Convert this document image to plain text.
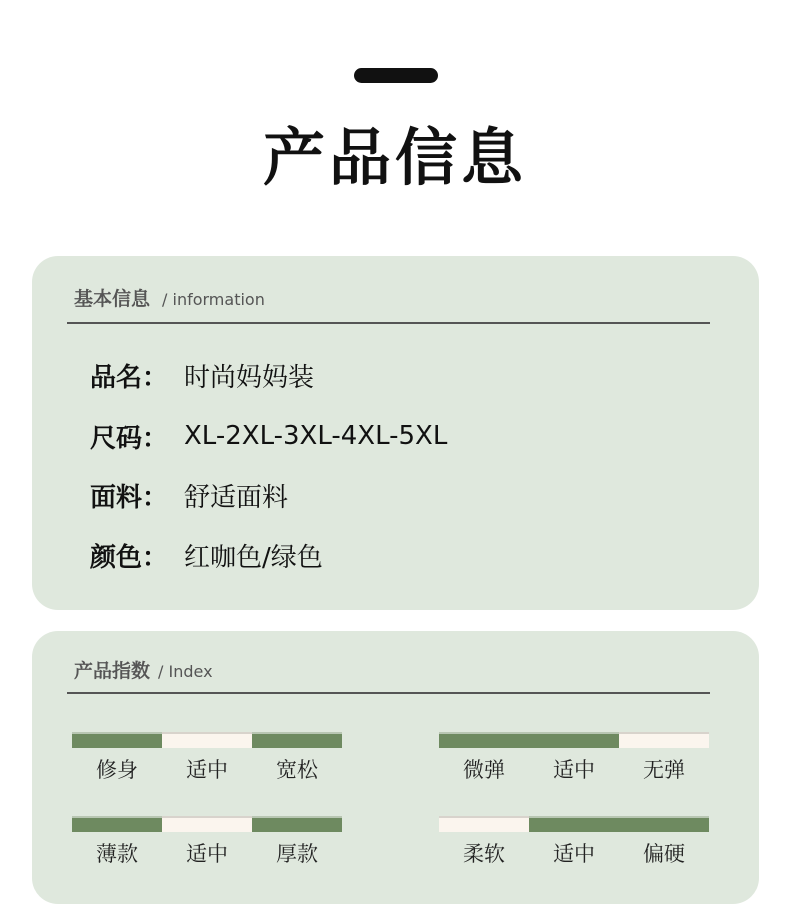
产品信息
基本信息 / information
品名： 时尚妈妈装
尺码： XL-2XL-3XL-4XL-5XL
面料： 舒适面料
颜色： 红咖色/绿色
产品指数 / Index
修身	适中	宽松	微弹	适中	无弹
薄款	适中	厚款	柔软	适中	偏硬
